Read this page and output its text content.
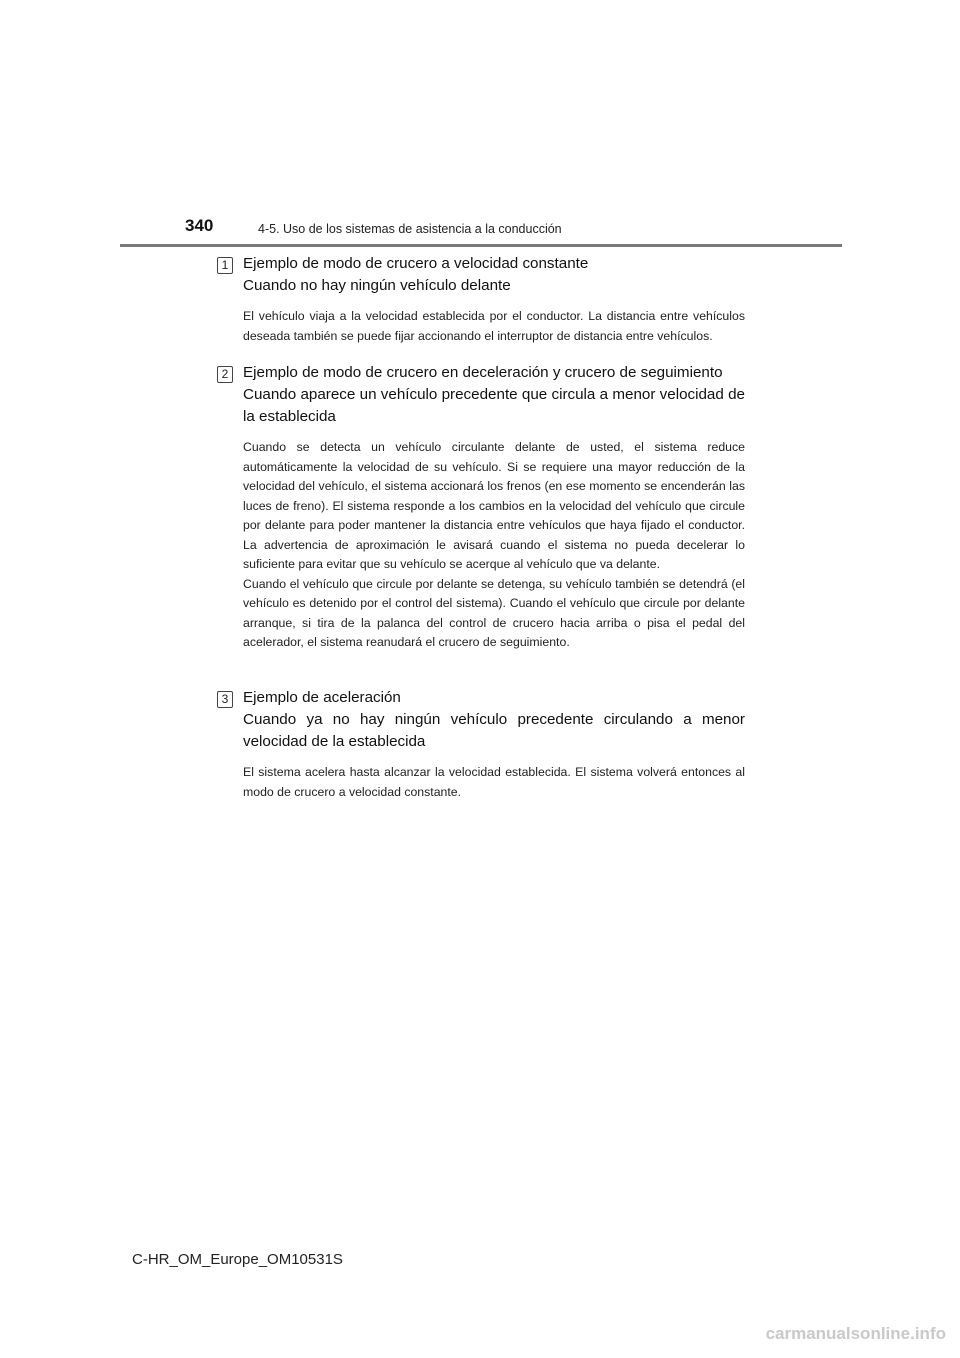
340	4-5. Uso de los sistemas de asistencia a la conducción
1 Ejemplo de modo de crucero a velocidad constante
Cuando no hay ningún vehículo delante

El vehículo viaja a la velocidad establecida por el conductor. La distancia entre vehículos deseada también se puede fijar accionando el interruptor de distancia entre vehículos.

2 Ejemplo de modo de crucero en deceleración y crucero de seguimiento
Cuando aparece un vehículo precedente que circula a menor velocidad de la establecida

Cuando se detecta un vehículo circulante delante de usted, el sistema reduce automáticamente la velocidad de su vehículo. Si se requiere una mayor reducción de la velocidad del vehículo, el sistema accionará los frenos (en ese momento se encenderán las luces de freno). El sistema responde a los cambios en la velocidad del vehículo que circule por delante para poder mantener la distancia entre vehículos que haya fijado el conductor. La advertencia de aproximación le avisará cuando el sistema no pueda decelerar lo suficiente para evitar que su vehículo se acerque al vehículo que va delante.

Cuando el vehículo que circule por delante se detenga, su vehículo también se detendrá (el vehículo es detenido por el control del sistema). Cuando el vehículo que circule por delante arranque, si tira de la palanca del control de crucero hacia arriba o pisa el pedal del acelerador, el sistema reanudará el crucero de seguimiento.

3 Ejemplo de aceleración
Cuando ya no hay ningún vehículo precedente circulando a menor velocidad de la establecida

El sistema acelera hasta alcanzar la velocidad establecida. El sistema volverá entonces al modo de crucero a velocidad constante.

C-HR_OM_Europe_OM10531S
carmanualsonline.info
